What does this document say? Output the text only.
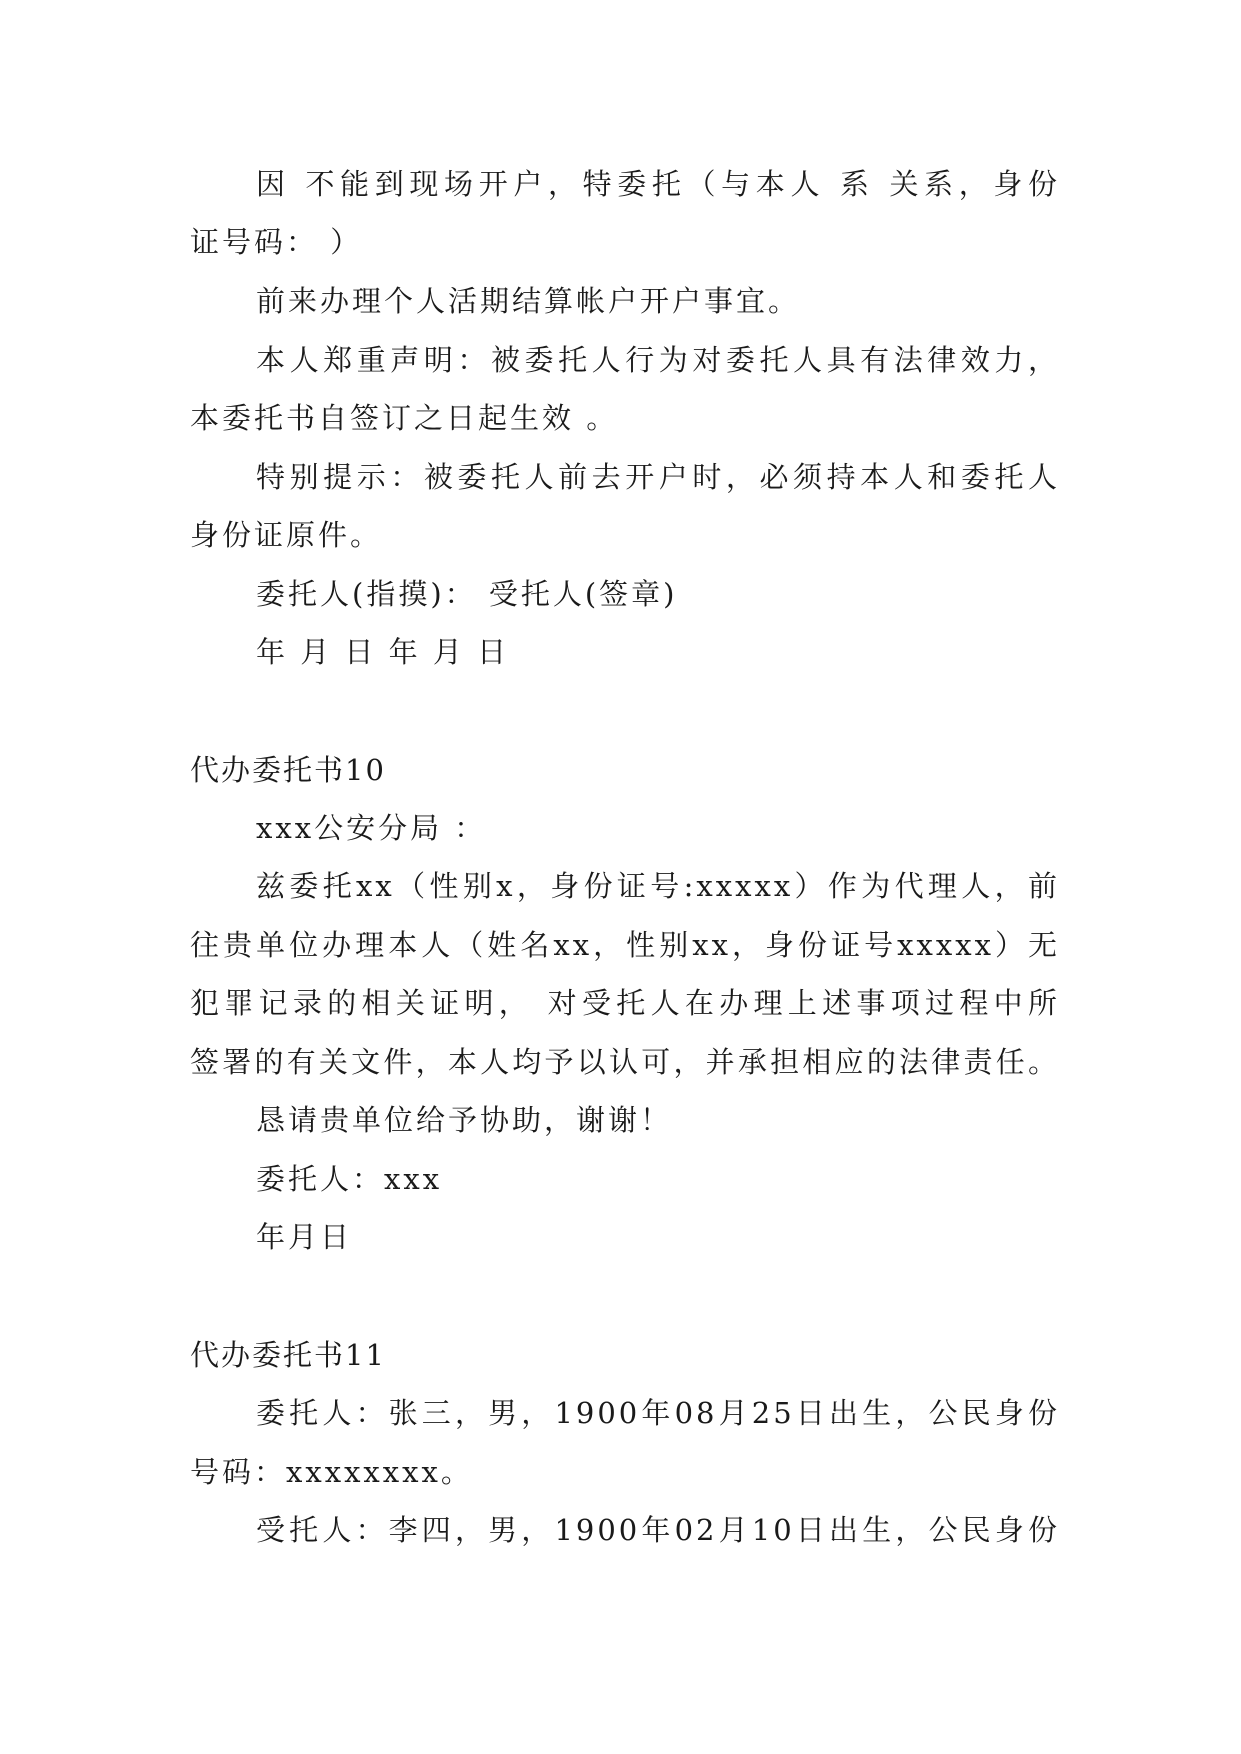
因 不能到现场开户，特委托（与本人 系 关系，身份
证号码： ）
前来办理个人活期结算帐户开户事宜。
本人郑重声明：被委托人行为对委托人具有法律效力，
本委托书自签订之日起生效 。
特别提示：被委托人前去开户时，必须持本人和委托人
身份证原件。
委托人(指摸)： 受托人(签章)
年 月 日 年 月 日
代办委托书10
xxx公安分局 ：
兹委托xx（性别x，身份证号:xxxxx）作为代理人，前
往贵单位办理本人（姓名xx，性别xx，身份证号xxxxx）无
犯罪记录的相关证明， 对受托人在办理上述事项过程中所
签署的有关文件，本人均予以认可，并承担相应的法律责任。
恳请贵单位给予协助，谢谢！
委托人：xxx
年月日
代办委托书11
委托人：张三，男，1900年08月25日出生，公民身份
号码：xxxxxxxx。
受托人：李四，男，1900年02月10日出生，公民身份
